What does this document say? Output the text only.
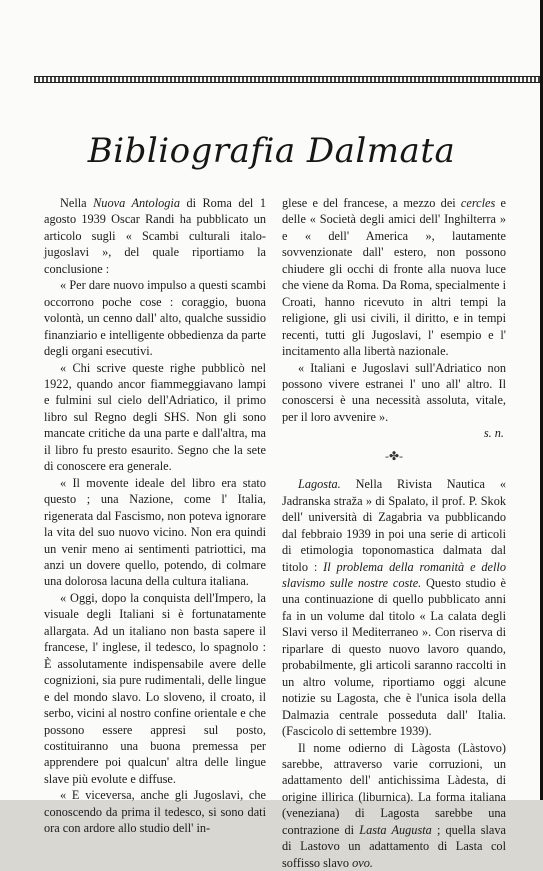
Bibliografia Dalmata

Nella Nuova Antologia di Roma del 1 agosto 1939 Oscar Randi ha pubblicato un articolo sugli « Scambi culturali italo-jugoslavi », del quale riportiamo la conclusione :

« Per dare nuovo impulso a questi scambi occorrono poche cose : coraggio, buona volontà, un cenno dall' alto, qualche sussidio finanziario e intelligente obbedienza da parte degli organi esecutivi.

« Chi scrive queste righe pubblicò nel 1922, quando ancor fiammeggiavano lampi e fulmini sul cielo dell'Adriatico, il primo libro sul Regno degli SHS. Non gli sono mancate critiche da una parte e dall'altra, ma il libro fu presto esaurito. Segno che la sete di conoscere era generale.

« Il movente ideale del libro era stato questo ; una Nazione, come l' Italia, rigenerata dal Fascismo, non poteva ignorare la vita del suo nuovo vicino. Non era quindi un venir meno ai sentimenti patriottici, ma anzi un dovere quello, potendo, di colmare una dolorosa lacuna della cultura italiana.

« Oggi, dopo la conquista dell'Impero, la visuale degli Italiani si è fortunatamente allargata. Ad un italiano non basta sapere il francese, l' inglese, il tedesco, lo spagnolo : È assolutamente indispensabile avere delle cognizioni, sia pure rudimentali, delle lingue e del mondo slavo. Lo sloveno, il croato, il serbo, vicini al nostro confine orientale e che possono essere appresi sul posto, costituiranno una buona premessa per apprendere poi qualcun' altra delle lingue slave più evolute e diffuse.

« E viceversa, anche gli Jugoslavi, che conoscendo da prima il tedesco, si sono dati ora con ardore allo studio dell' in-

glese e del francese, a mezzo dei cercles e delle « Società degli amici dell' Inghilterra » e « dell' America », lautamente sovvenzionate dall' estero, non possono chiudere gli occhi di fronte alla nuova luce che viene da Roma. Da Roma, specialmente i Croati, hanno ricevuto in altri tempi la religione, gli usi civili, il diritto, e in tempi recenti, tutti gli Jugoslavi, l' esempio e l' incitamento alla libertà nazionale.

« Italiani e Jugoslavi sull'Adriatico non possono vivere estranei l' uno all' altro. Il conoscersi è una necessità assoluta, vitale, per il loro avvenire ».

s. n.
-✤-

Lagosta. Nella Rivista Nautica « Jadranska straža » di Spalato, il prof. P. Skok dell' università di Zagabria va pubblicando dal febbraio 1939 in poi una serie di articoli di etimologia toponomastica dalmata dal titolo : Il problema della romanità e dello slavismo sulle nostre coste. Questo studio è una continuazione di quello pubblicato anni fa in un volume dal titolo « La calata degli Slavi verso il Mediterraneo ». Con riserva di riparlare di questo nuovo lavoro quando, probabilmente, gli articoli saranno raccolti in un altro volume, riportiamo oggi alcune notizie su Lagosta, che è l'unica isola della Dalmazia centrale posseduta dall' Italia. (Fascicolo di settembre 1939).

Il nome odierno di Làgosta (Làstovo) sarebbe, attraverso varie corruzioni, un adattamento dell' antichissima Làdesta, di origine illirica (liburnica). La forma italiana (veneziana) di Lagosta sarebbe una contrazione di Lasta Augusta ; quella slava di Lastovo un adattamento di Lasta col soffisso slavo ovo.
